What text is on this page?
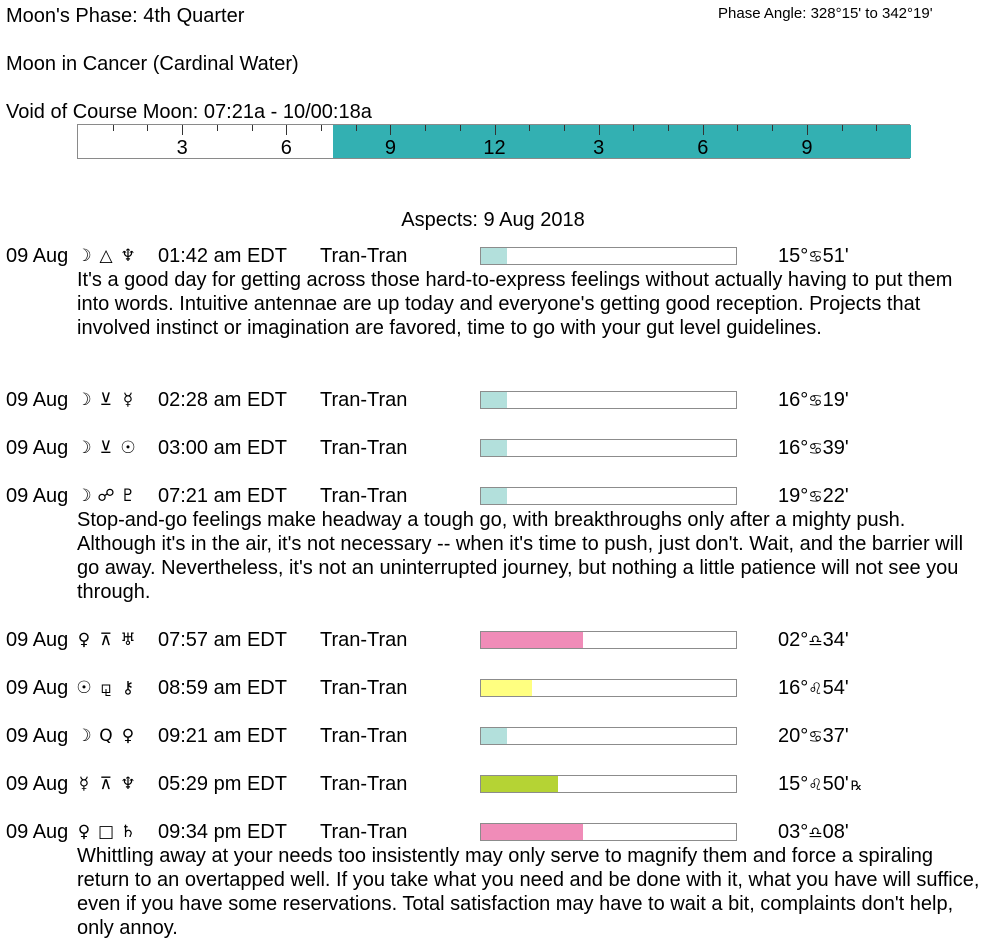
Moon's Phase: 4th Quarter	Phase Angle: 328°15' to 342°19'
Moon in Cancer (Cardinal Water)
Void of Course Moon: 07:21a - 10/00:18a
3	6	9	12	3	6	9
Aspects: 9 Aug 2018
09 Aug ☽ △ ♆ 01:42 am EDT Tran-Tran	15°♋51'
It's a good day for getting across those hard-to-express feelings without actually having to put them into words. Intuitive antennae are up today and everyone's getting good reception. Projects that involved instinct or imagination are favored, time to go with your gut level guidelines.
09 Aug ☽ ⊻ ☿ 02:28 am EDT Tran-Tran	16°♋19'
09 Aug ☽ ⊻ ☉ 03:00 am EDT Tran-Tran	16°♋39'
09 Aug ☽ ☍ ♇ 07:21 am EDT Tran-Tran	19°♋22'
Stop-and-go feelings make headway a tough go, with breakthroughs only after a mighty push. Although it's in the air, it's not necessary -- when it's time to push, just don't. Wait, and the barrier will go away. Nevertheless, it's not an uninterrupted journey, but nothing a little patience will not see you through.
09 Aug ♀ ⊼ ♅ 07:57 am EDT Tran-Tran	02°♎34'
09 Aug ☉ ⚼ ⚷ 08:59 am EDT Tran-Tran	16°♌54'
09 Aug ☽ Q ♀ 09:21 am EDT Tran-Tran	20°♋37'
09 Aug ☿ ⊼ ♆ 05:29 pm EDT Tran-Tran	15°♌50' ℞
09 Aug ♀ □ ♄ 09:34 pm EDT Tran-Tran	03°♎08'
Whittling away at your needs too insistently may only serve to magnify them and force a spiraling return to an overtapped well. If you take what you need and be done with it, what you have will suffice, even if you have some reservations. Total satisfaction may have to wait a bit, complaints don't help, only annoy.
